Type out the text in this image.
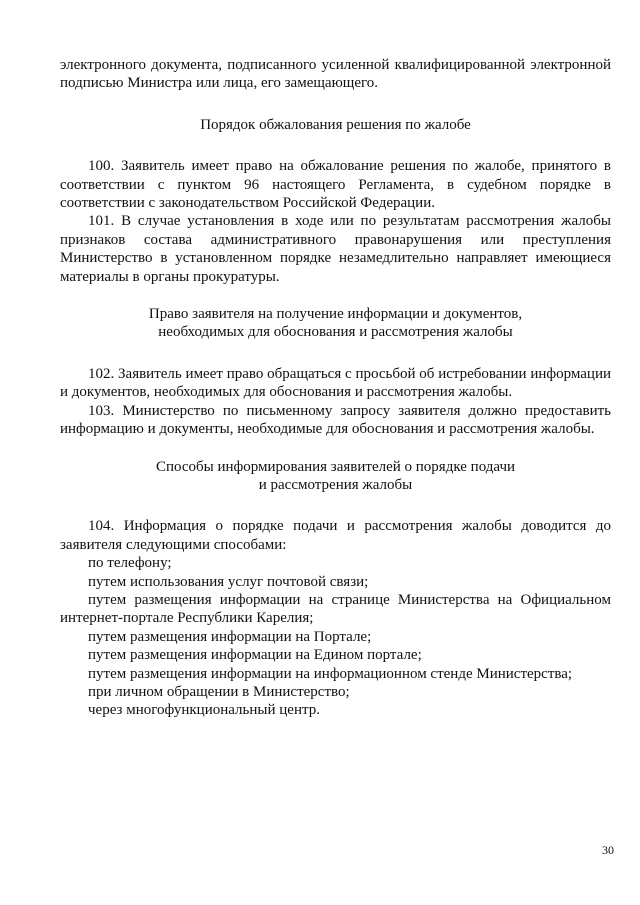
электронного документа, подписанного усиленной квалифицированной электронной подписью Министра или лица, его замещающего.

Порядок обжалования решения по жалобе

100. Заявитель имеет право на обжалование решения по жалобе, принятого в соответствии с пунктом 96 настоящего Регламента, в судебном порядке в соответствии с законодательством Российской Федерации.

101. В случае установления в ходе или по результатам рассмотрения жалобы признаков состава административного правонарушения или преступления Министерство в установленном порядке незамедлительно направляет имеющиеся материалы в органы прокуратуры.

Право заявителя на получение информации и документов,

необходимых для обоснования и рассмотрения жалобы

102. Заявитель имеет право обращаться с просьбой об истребовании информации и документов, необходимых для обоснования и рассмотрения жалобы.

103. Министерство по письменному запросу заявителя должно предоставить информацию и документы, необходимые для обоснования и рассмотрения жалобы.

Способы информирования заявителей о порядке подачи

и рассмотрения жалобы

104. Информация о порядке подачи и рассмотрения жалобы доводится до заявителя следующими способами:

по телефону;

путем использования услуг почтовой связи;

путем размещения информации на странице Министерства на Официальном интернет-портале Республики Карелия;

путем размещения информации на Портале;

путем размещения информации на Едином портале;

путем размещения информации на информационном стенде Министерства;

при личном обращении в Министерство;

через многофункциональный центр.

30
